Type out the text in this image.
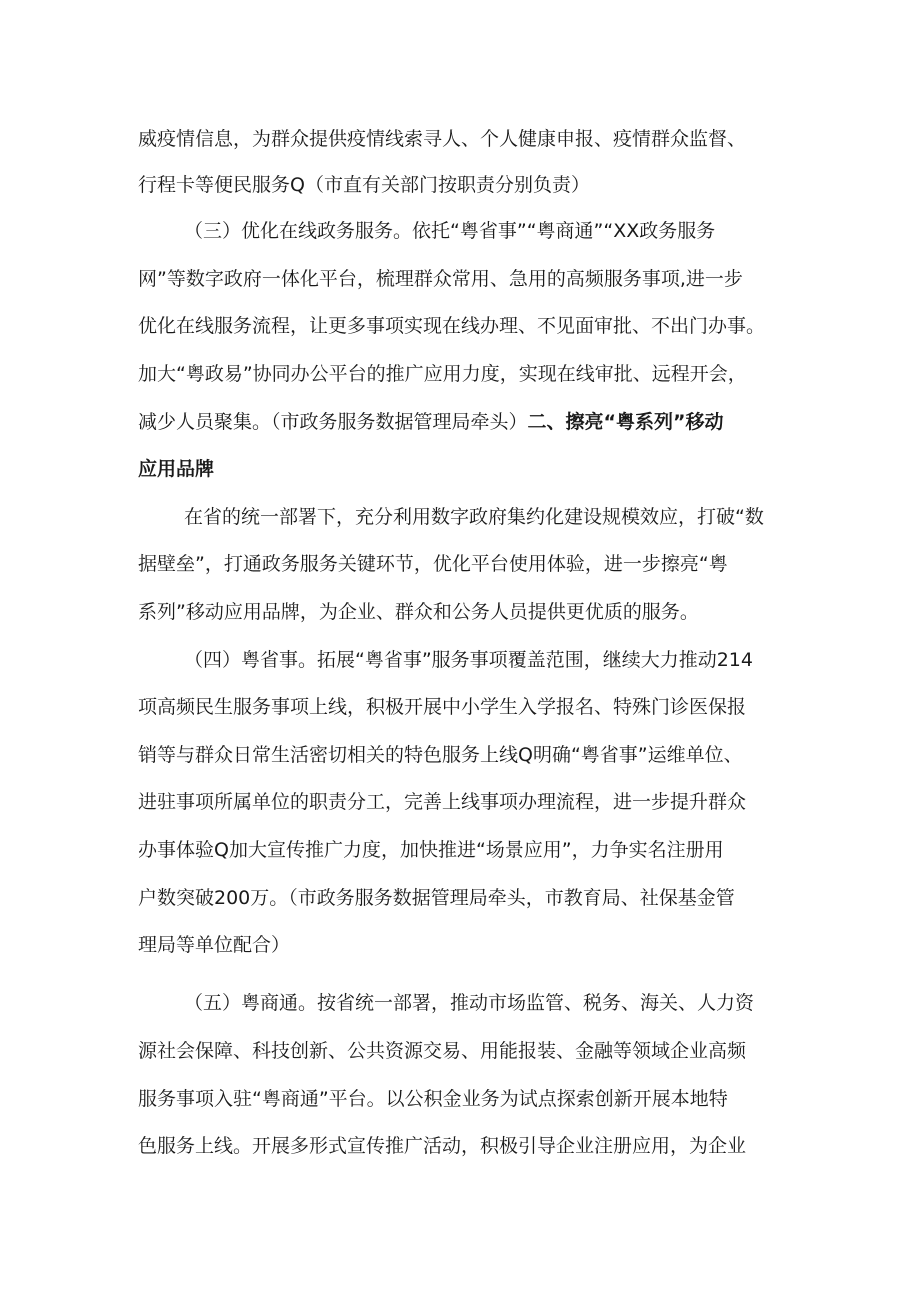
威疫情信息，为群众提供疫情线索寻人、个人健康申报、疫情群众监督、
行程卡等便民服务Q（市直有关部门按职责分别负责）
（三）优化在线政务服务。依托“粤省事”“粤商通”“XX政务服务
网”等数字政府一体化平台，梳理群众常用、急用的高频服务事项,进一步
优化在线服务流程，让更多事项实现在线办理、不见面审批、不出门办事。
加大“粤政易”协同办公平台的推广应用力度，实现在线审批、远程开会，
减少人员聚集。（市政务服务数据管理局牵头）二、擦亮“粤系列”移动
应用品牌
在省的统一部署下，充分利用数字政府集约化建设规模效应，打破“数
据壁垒”，打通政务服务关键环节，优化平台使用体验，进一步擦亮“粤
系列”移动应用品牌，为企业、群众和公务人员提供更优质的服务。
（四）粤省事。拓展“粤省事”服务事项覆盖范围，继续大力推动214
项高频民生服务事项上线，积极开展中小学生入学报名、特殊门诊医保报
销等与群众日常生活密切相关的特色服务上线Q明确“粤省事”运维单位、
进驻事项所属单位的职责分工，完善上线事项办理流程，进一步提升群众
办事体验Q加大宣传推广力度，加快推进“场景应用”，力争实名注册用
户数突破200万。（市政务服务数据管理局牵头，市教育局、社保基金管
理局等单位配合）
（五）粤商通。按省统一部署，推动市场监管、税务、海关、人力资
源社会保障、科技创新、公共资源交易、用能报装、金融等领域企业高频
服务事项入驻“粤商通”平台。以公积金业务为试点探索创新开展本地特
色服务上线。开展多形式宣传推广活动，积极引导企业注册应用，为企业
